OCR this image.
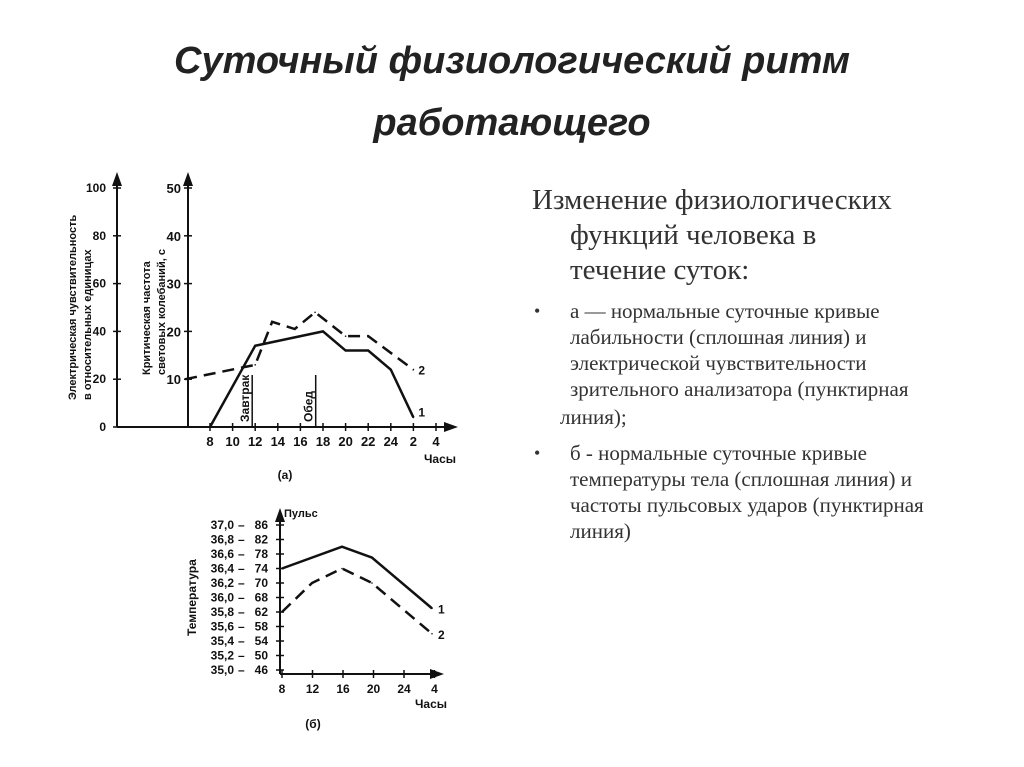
Суточный физиологический ритм работающего
Электрическая чувствительность в относительных единицах	Критическая частота световых колебаний, с
100
80
60
40
20
0
50
40
30
20
10
8 10 12 14 16 18 20 22 24 2 4
Часы
(а)
Завтрак	Обед	1
2
Температура
37,0 – 86
36,8 – 82
36,6 – 78
36,4 – 74
36,2 – 70
36,0 – 68
35,8 – 62
35,6 – 58
35,4 – 54
35,2 – 50
35,0 – 46
Пульс
8 12 16 20 24 4
Часы
(б)
1
2
Изменение физиологических
функций человека в
течение суток:
• а — нормальные суточные кривые лабильности (сплошная линия) и электрической чувствительности зрительного анализатора (пунктирная
линия);
• б - нормальные суточные кривые температуры тела (сплошная линия) и частоты пульсовых ударов (пунктирная линия)
